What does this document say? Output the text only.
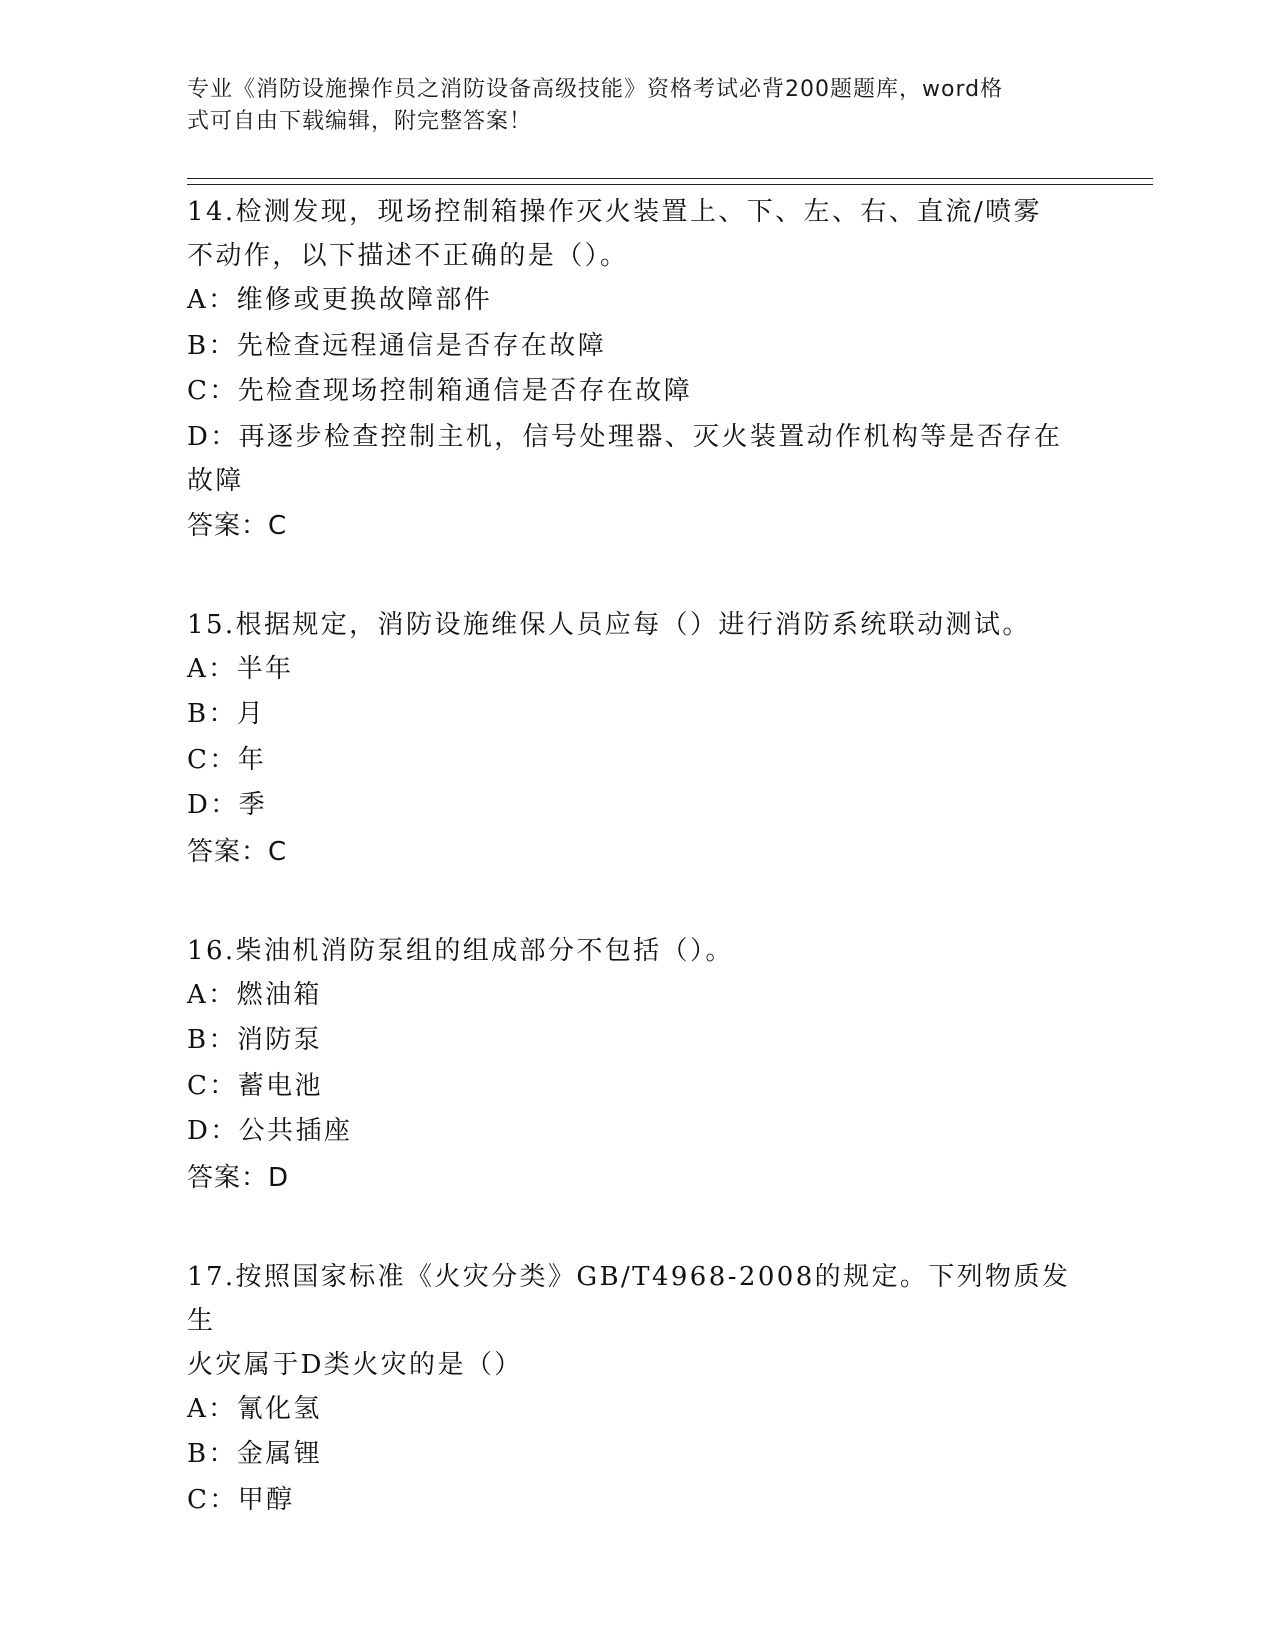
专业《消防设施操作员之消防设备高级技能》资格考试必背200题题库，word格
式可自由下载编辑，附完整答案！

14.检测发现，现场控制箱操作灭火装置上、下、左、右、直流/喷雾

不动作，以下描述不正确的是（）。

A：维修或更换故障部件

B：先检查远程通信是否存在故障

C：先检查现场控制箱通信是否存在故障

D：再逐步检查控制主机，信号处理器、灭火装置动作机构等是否存在

故障

答案：C

15.根据规定，消防设施维保人员应每（）进行消防系统联动测试。

A：半年

B：月

C：年

D：季

答案：C

16.柴油机消防泵组的组成部分不包括（）。

A：燃油箱

B：消防泵

C：蓄电池

D：公共插座

答案：D

17.按照国家标准《火灾分类》GB/T4968-2008的规定。下列物质发生

火灾属于D类火灾的是（）

A：氰化氢

B：金属锂

C：甲醇
